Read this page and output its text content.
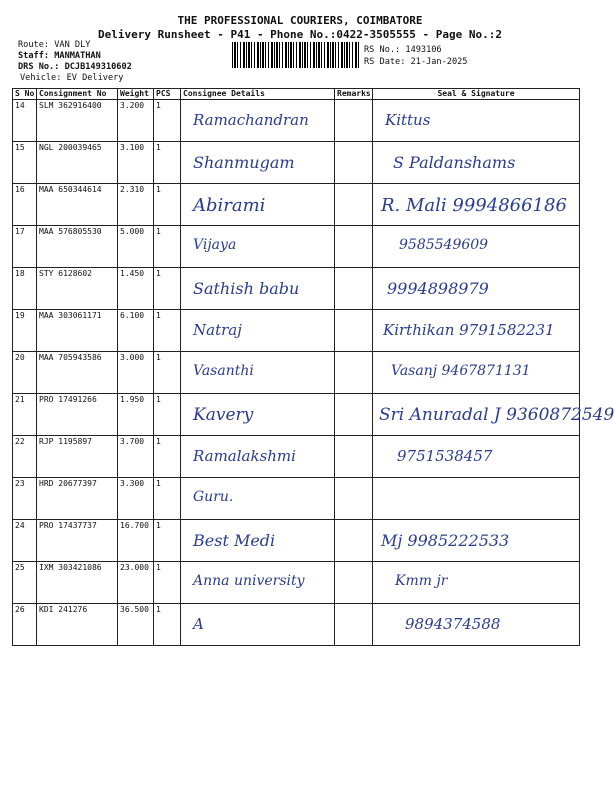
THE PROFESSIONAL COURIERS, COIMBATORE
Delivery Runsheet - P41 - Phone No.:0422-3505555 - Page No.:2
Route: VAN DLY
Staff: MANMATHAN
DRS No.: DCJB149310602
Vehicle: EV Delivery
RS No.: 1493106
RS Date: 21-Jan-2025
S No	Consignment No	Weight	PCS	Consignee Details	Remarks	Seal & Signature
14	SLM 362916400	3.200	1	Ramachandran		Kittus
15	NGL 200039465	3.100	1	Shanmugam		S Paldanshams
16	MAA 650344614	2.310	1	Abirami		R. Mali 9994866186
17	MAA 576805530	5.000	1	Vijaya		9585549609
18	STY 6128602	1.450	1	Sathish babu		9994898979
19	MAA 303061171	6.100	1	Natraj		Kirthikan 9791582231
20	MAA 705943586	3.000	1	Vasanthi		Vasanj 9467871131
21	PRO 17491266	1.950	1	Kavery		Sri Anuradal J 9360872549
22	RJP 1195897	3.700	1	Ramalakshmi		9751538457
23	HRD 20677397	3.300	1	Guru.		
24	PRO 17437737	16.700	1	Best Medi		Mj 9985222533
25	IXM 303421086	23.000	1	Anna university		Kmm jr
26	KDI 241276	36.500	1	A		9894374588
